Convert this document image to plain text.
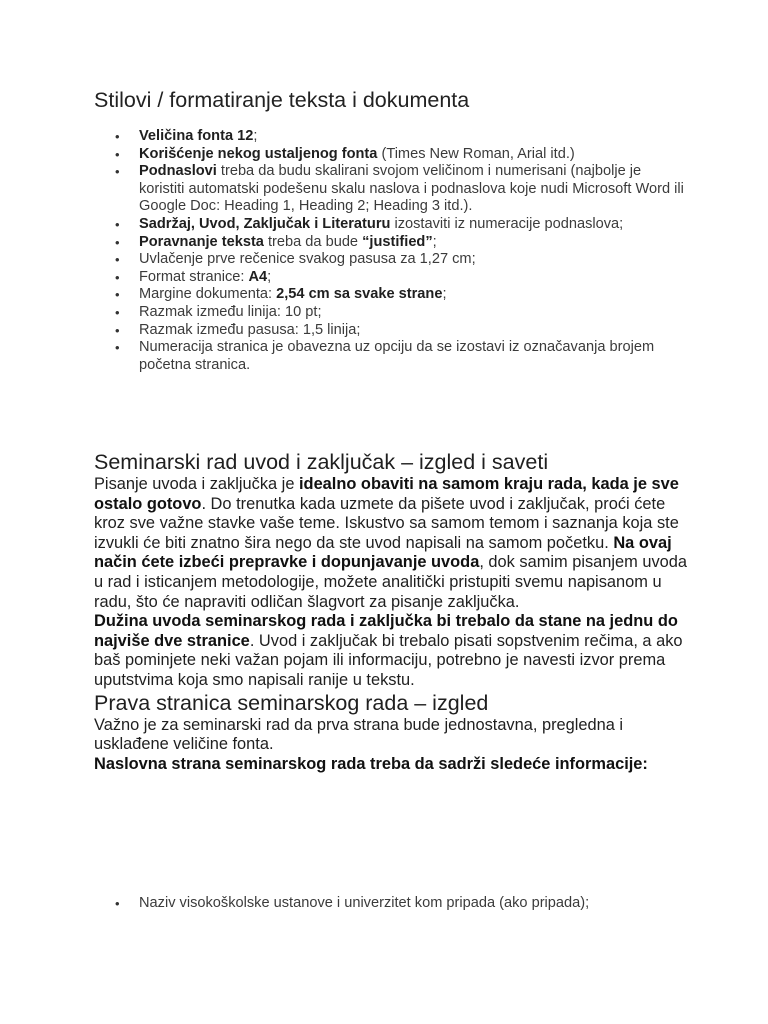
Stilovi / formatiranje teksta i dokumenta
• Veličina fonta 12;
• Korišćenje nekog ustaljenog fonta (Times New Roman, Arial itd.)
• Podnaslovi treba da budu skalirani svojom veličinom i numerisani (najbolje je koristiti automatski podešenu skalu naslova i podnaslova koje nudi Microsoft Word ili Google Doc: Heading 1, Heading 2; Heading 3 itd.).
• Sadržaj, Uvod, Zaključak i Literaturu izostaviti iz numeracije podnaslova;
• Poravnanje teksta treba da bude “justified”;
• Uvlačenje prve rečenice svakog pasusa za 1,27 cm;
• Format stranice: A4;
• Margine dokumenta: 2,54 cm sa svake strane;
• Razmak između linija: 10 pt;
• Razmak između pasusa: 1,5 linija;
• Numeracija stranica je obavezna uz opciju da se izostavi iz označavanja brojem početna stranica.
Seminarski rad uvod i zaključak – izgled i saveti

Pisanje uvoda i zaključka je idealno obaviti na samom kraju rada, kada je sve ostalo gotovo. Do trenutka kada uzmete da pišete uvod i zaključak, proći ćete kroz sve važne stavke vaše teme. Iskustvo sa samom temom i saznanja koja ste izvukli će biti znatno šira nego da ste uvod napisali na samom početku. Na ovaj način ćete izbeći prepravke i dopunjavanje uvoda, dok samim pisanjem uvoda u rad i isticanjem metodologije, možete analitički pristupiti svemu napisanom u radu, što će napraviti odličan šlagvort za pisanje zaključka.

Dužina uvoda seminarskog rada i zaključka bi trebalo da stane na jednu do najviše dve stranice. Uvod i zaključak bi trebalo pisati sopstvenim rečima, a ako baš pominjete neki važan pojam ili informaciju, potrebno je navesti izvor prema uputstvima koja smo napisali ranije u tekstu.

Prava stranica seminarskog rada – izgled

Važno je za seminarski rad da prva strana bude jednostavna, pregledna i usklađene veličine fonta.

Naslovna strana seminarskog rada treba da sadrži sledeće informacije:

• Naziv visokoškolske ustanove i univerzitet kom pripada (ako pripada);
